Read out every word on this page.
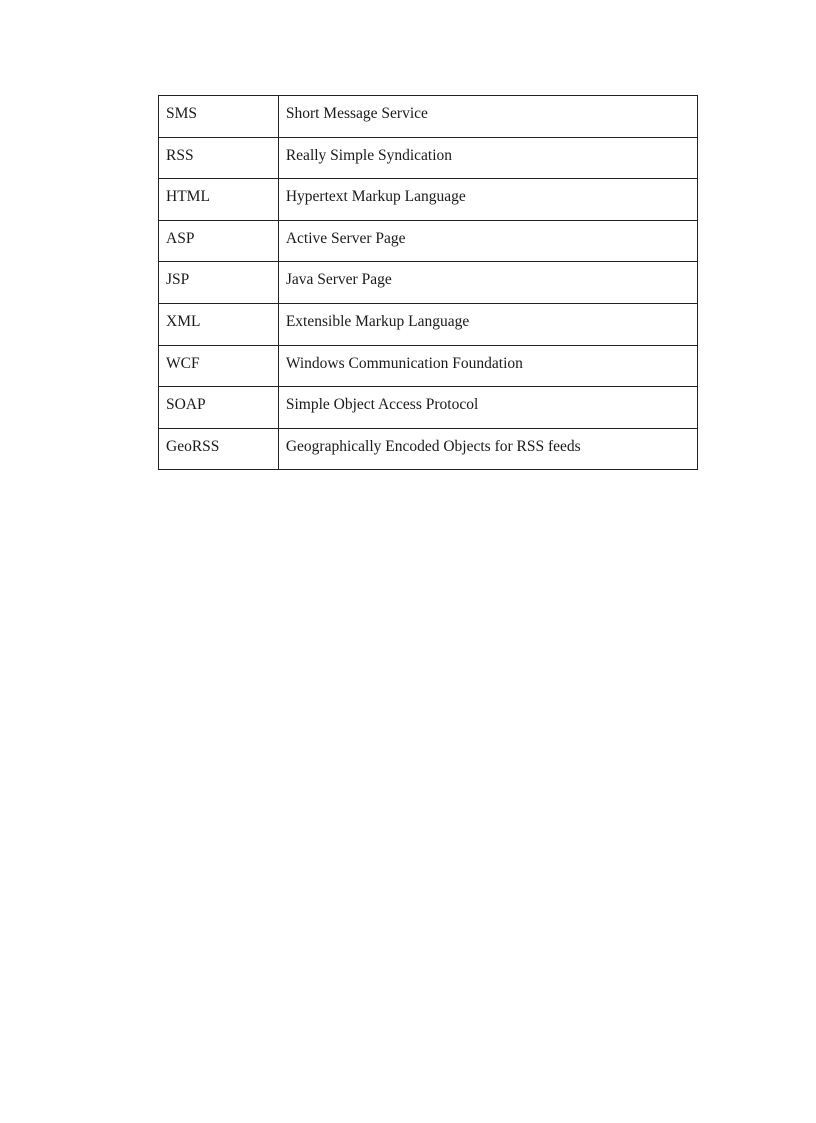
SMS	Short Message Service
RSS	Really Simple Syndication
HTML	Hypertext Markup Language
ASP	Active Server Page
JSP	Java Server Page
XML	Extensible Markup Language
WCF	Windows Communication Foundation
SOAP	Simple Object Access Protocol
GeoRSS	Geographically Encoded Objects for RSS feeds
